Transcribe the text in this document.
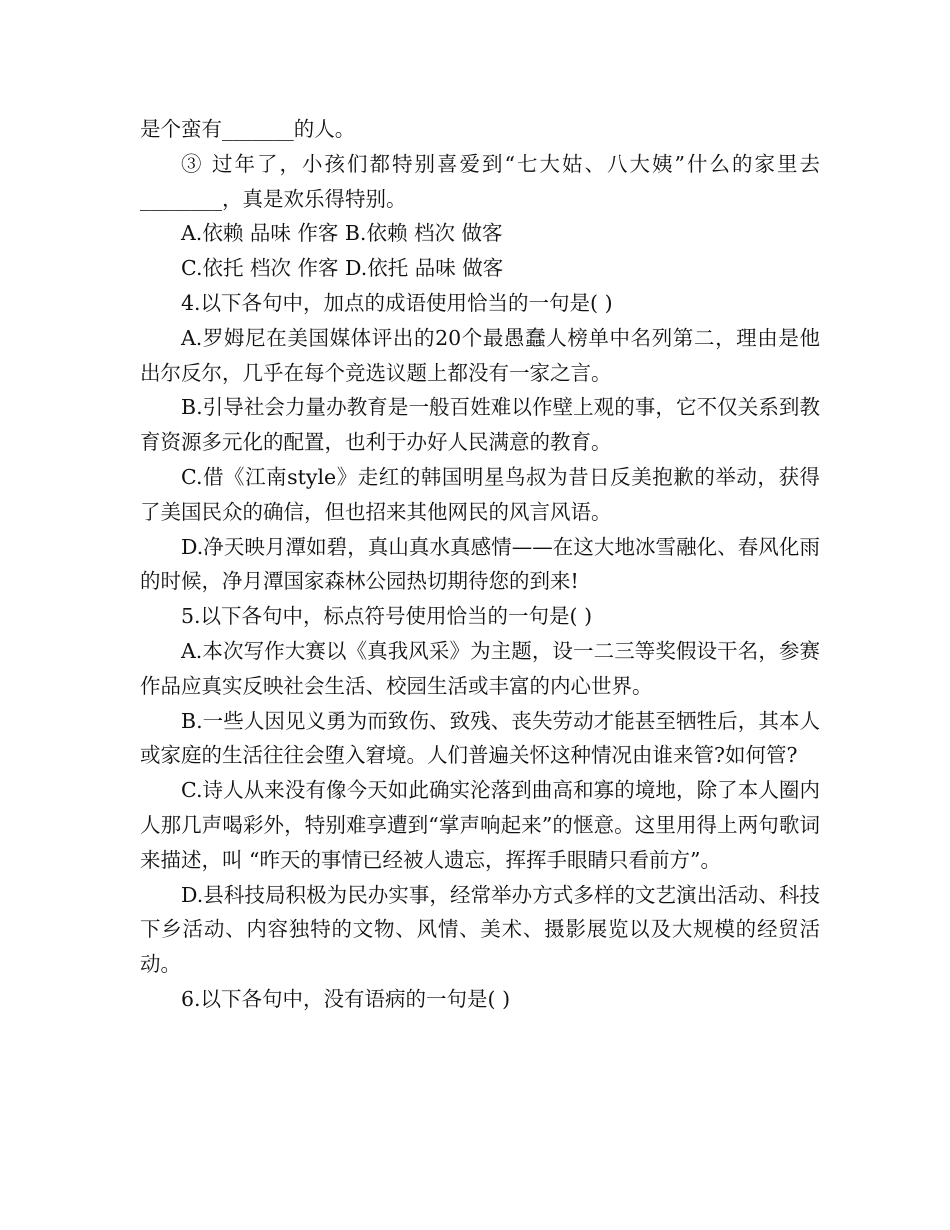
是个蛮有_______的人。

③ 过年了，小孩们都特别喜爱到“七大姑、八大姨”什么的家里去 ________，真是欢乐得特别。

A.依赖 品味 作客 B.依赖 档次 做客

C.依托 档次 作客 D.依托 品味 做客

4.以下各句中，加点的成语使用恰当的一句是( )

A.罗姆尼在美国媒体评出的20个最愚蠢人榜单中名列第二，理由是他出尔反尔，几乎在每个竞选议题上都没有一家之言。

B.引导社会力量办教育是一般百姓难以作壁上观的事，它不仅关系到教育资源多元化的配置，也利于办好人民满意的教育。

C.借《江南style》走红的韩国明星鸟叔为昔日反美抱歉的举动，获得了美国民众的确信，但也招来其他网民的风言风语。

D.净天映月潭如碧，真山真水真感情——在这大地冰雪融化、春风化雨的时候，净月潭国家森林公园热切期待您的到来!

5.以下各句中，标点符号使用恰当的一句是( )

A.本次写作大赛以《真我风采》为主题，设一二三等奖假设干名，参赛作品应真实反映社会生活、校园生活或丰富的内心世界。

B.一些人因见义勇为而致伤、致残、丧失劳动才能甚至牺牲后，其本人或家庭的生活往往会堕入窘境。人们普遍关怀这种情况由谁来管?如何管?

C.诗人从来没有像今天如此确实沦落到曲高和寡的境地，除了本人圈内人那几声喝彩外，特别难享遭到“掌声响起来”的惬意。这里用得上两句歌词来描述，叫 “昨天的事情已经被人遗忘，挥挥手眼睛只看前方”。

D.县科技局积极为民办实事，经常举办方式多样的文艺演出活动、科技下乡活动、内容独特的文物、风情、美术、摄影展览以及大规模的经贸活动。

6.以下各句中，没有语病的一句是( )
